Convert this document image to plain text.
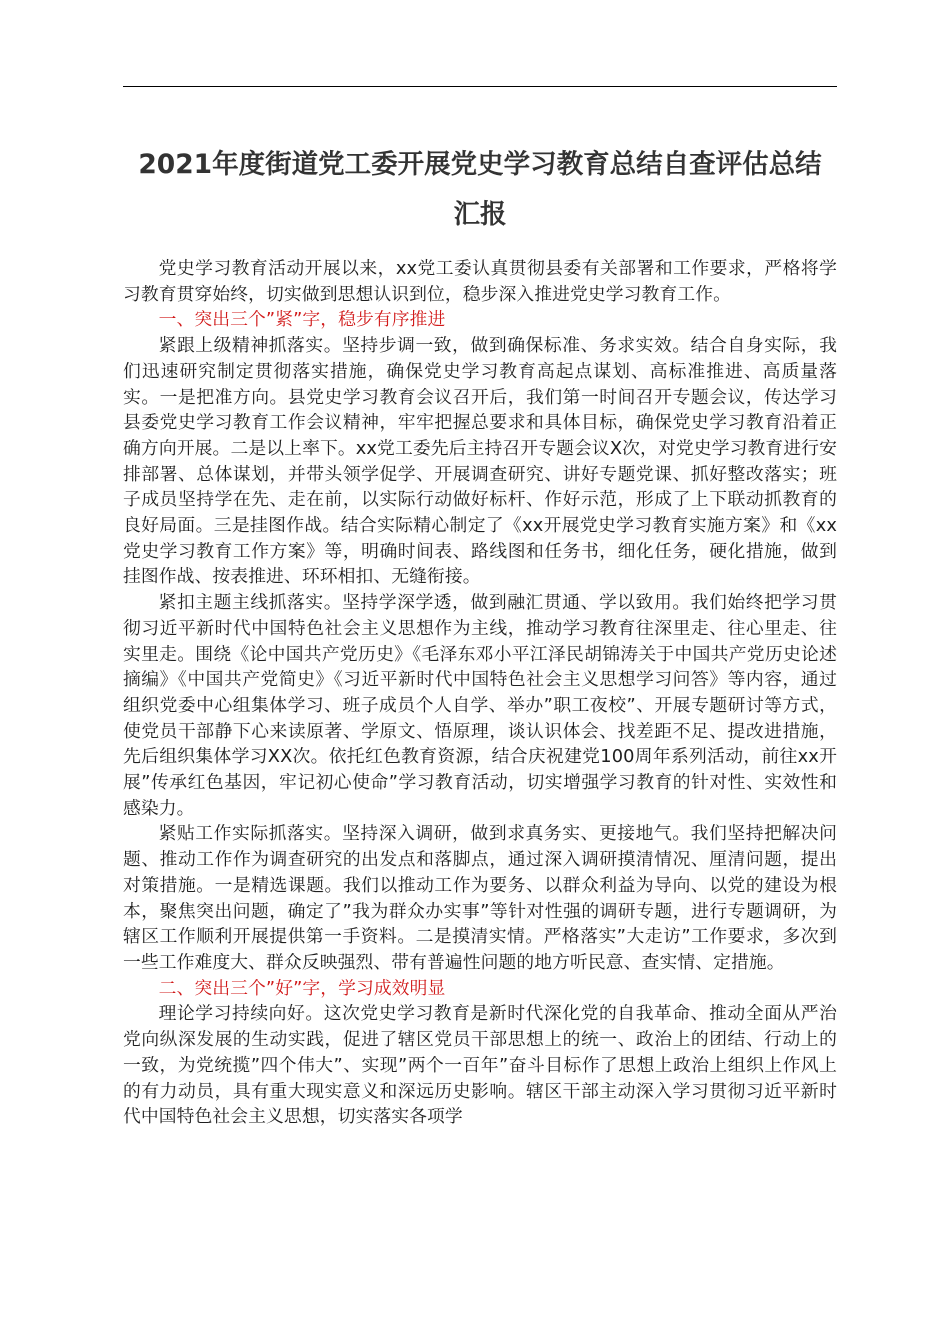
2021年度街道党工委开展党史学习教育总结自查评估总结
汇报

党史学习教育活动开展以来，xx党工委认真贯彻县委有关部署和工作要求，严格将学习教育贯穿始终，切实做到思想认识到位，稳步深入推进党史学习教育工作。

一、突出三个”紧”字，稳步有序推进

紧跟上级精神抓落实。坚持步调一致，做到确保标准、务求实效。结合自身实际，我们迅速研究制定贯彻落实措施，确保党史学习教育高起点谋划、高标准推进、高质量落实。一是把准方向。县党史学习教育会议召开后，我们第一时间召开专题会议，传达学习县委党史学习教育工作会议精神，牢牢把握总要求和具体目标，确保党史学习教育沿着正确方向开展。二是以上率下。xx党工委先后主持召开专题会议X次，对党史学习教育进行安排部署、总体谋划，并带头领学促学、开展调查研究、讲好专题党课、抓好整改落实；班子成员坚持学在先、走在前，以实际行动做好标杆、作好示范，形成了上下联动抓教育的良好局面。三是挂图作战。结合实际精心制定了《xx开展党史学习教育实施方案》和《xx党史学习教育工作方案》等，明确时间表、路线图和任务书，细化任务，硬化措施，做到挂图作战、按表推进、环环相扣、无缝衔接。

紧扣主题主线抓落实。坚持学深学透，做到融汇贯通、学以致用。我们始终把学习贯彻习近平新时代中国特色社会主义思想作为主线，推动学习教育往深里走、往心里走、往实里走。围绕《论中国共产党历史》《毛泽东邓小平江泽民胡锦涛关于中国共产党历史论述摘编》《中国共产党简史》《习近平新时代中国特色社会主义思想学习问答》等内容，通过组织党委中心组集体学习、班子成员个人自学、举办”职工夜校”、开展专题研讨等方式，使党员干部静下心来读原著、学原文、悟原理，谈认识体会、找差距不足、提改进措施，先后组织集体学习XX次。依托红色教育资源，结合庆祝建党100周年系列活动，前往xx开展”传承红色基因，牢记初心使命”学习教育活动，切实增强学习教育的针对性、实效性和感染力。

紧贴工作实际抓落实。坚持深入调研，做到求真务实、更接地气。我们坚持把解决问题、推动工作作为调查研究的出发点和落脚点，通过深入调研摸清情况、厘清问题，提出对策措施。一是精选课题。我们以推动工作为要务、以群众利益为导向、以党的建设为根本，聚焦突出问题，确定了”我为群众办实事”等针对性强的调研专题，进行专题调研，为辖区工作顺利开展提供第一手资料。二是摸清实情。严格落实”大走访”工作要求，多次到一些工作难度大、群众反映强烈、带有普遍性问题的地方听民意、查实情、定措施。

二、突出三个”好”字，学习成效明显

理论学习持续向好。这次党史学习教育是新时代深化党的自我革命、推动全面从严治党向纵深发展的生动实践，促进了辖区党员干部思想上的统一、政治上的团结、行动上的一致，为党统揽”四个伟大”、实现”两个一百年”奋斗目标作了思想上政治上组织上作风上的有力动员，具有重大现实意义和深远历史影响。辖区干部主动深入学习贯彻习近平新时代中国特色社会主义思想，切实落实各项学
